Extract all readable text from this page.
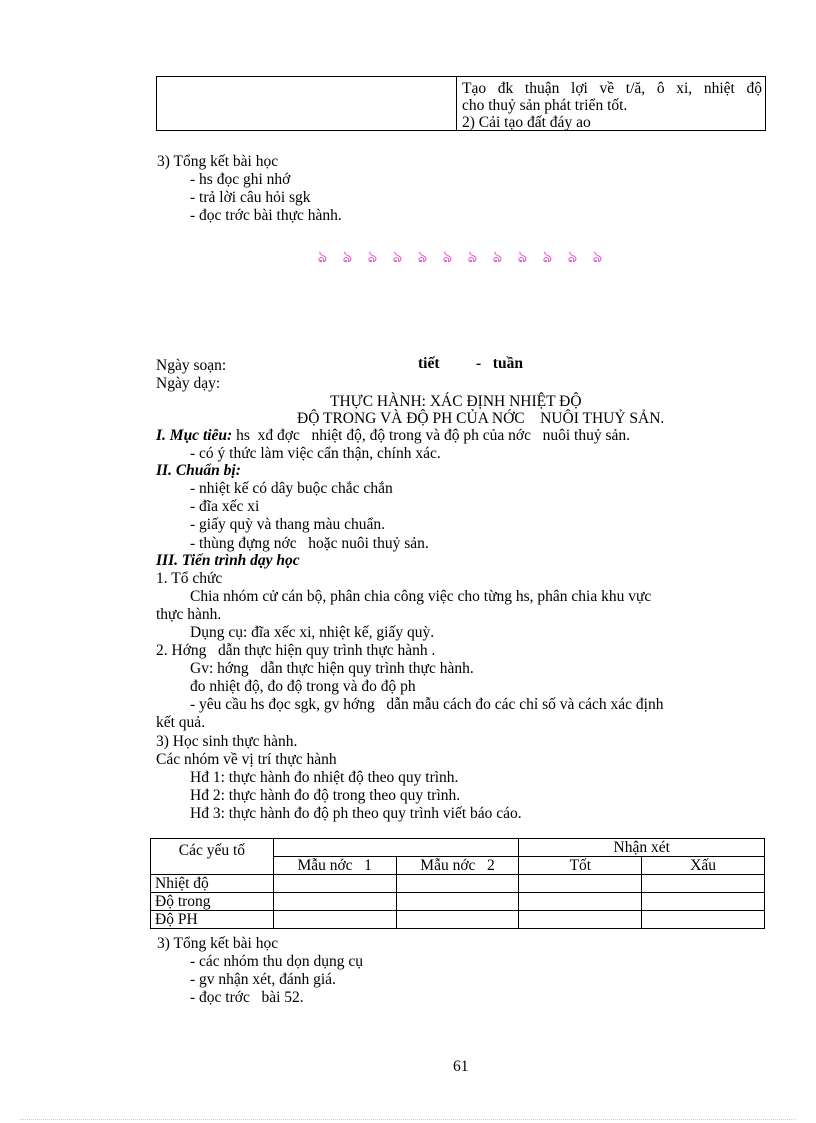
Tạo đk thuận lợi về t/ă, ô xi, nhiệt độ
cho thuỷ sản phát triển tốt.
2) Cải tạo đất đáy ao
3) Tổng kết bài học
- hs đọc ghi nhớ
- trả lời câu hỏi sgk
- đọc trớc bài thực hành.
ঌ ঌ ঌ ঌ ঌ ঌ ঌ ঌ ঌ ঌ ঌ ঌ
Ngày soạn:	tiết -   tuần
Ngày dạy:
THỰC HÀNH: XÁC ĐỊNH NHIỆT ĐỘ
ĐỘ TRONG VÀ ĐỘ PH CỦA NỚC    NUÔI THUỶ SẢN.
I. Mục tiêu: hs  xđ đợc   nhiệt độ, độ trong và độ ph của nớc   nuôi thuỷ sản.
- có ý thức làm việc cẩn thận, chính xác.
II. Chuẩn bị:
- nhiệt kế có dây buộc chắc chắn
- đĩa xếc xi
- giấy quỳ và thang màu chuẩn.
- thùng đựng nớc   hoặc nuôi thuỷ sản.
III. Tiến trình dạy học
1. Tổ chức
Chia nhóm cử cán bộ, phân chia công việc cho từng hs, phân chia khu vực
thực hành.
Dụng cụ: đĩa xếc xi, nhiệt kế, giấy quỳ.
2. Hớng   dẫn thực hiện quy trình thực hành .
Gv: hớng   dẫn thực hiện quy trình thực hành.
đo nhiệt độ, đo độ trong và đo độ ph
- yêu cầu hs đọc sgk, gv hớng   dẫn mẫu cách đo các chỉ số và cách xác định
kết quả.
3) Học sinh thực hành.
Các nhóm về vị trí thực hành
Hđ 1: thực hành đo nhiệt độ theo quy trình.
Hđ 2: thực hành đo độ trong theo quy trình.
Hđ 3: thực hành đo độ ph theo quy trình viết báo cáo.
Các yếu tố			Nhận xét	
	Mẫu nớc   1	Mẫu nớc   2	Tốt	Xấu
Nhiệt độ				
Độ trong				
Độ PH				
3) Tổng kết bài học
- các nhóm thu dọn dụng cụ
- gv nhận xét, đánh giá.
- đọc trớc   bài 52.
61
